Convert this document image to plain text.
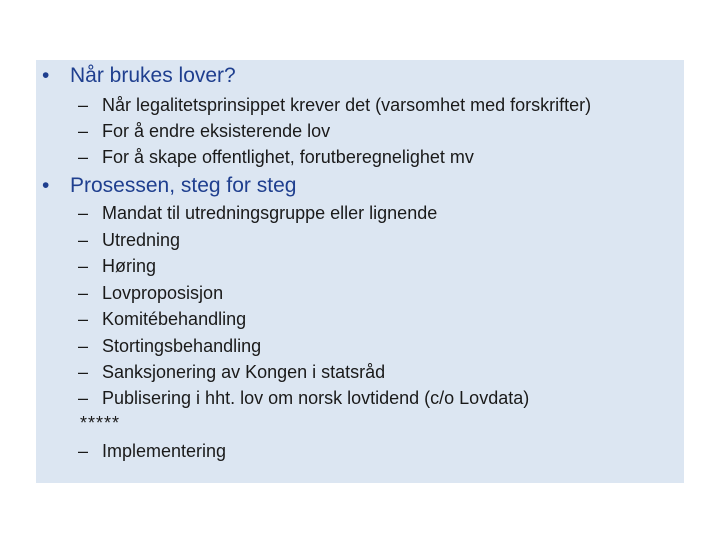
• Når brukes lover?
– Når legalitetsprinsippet krever det (varsomhet med forskrifter)
– For å endre eksisterende lov
– For å skape offentlighet, forutberegnelighet mv
• Prosessen, steg for steg
– Mandat til utredningsgruppe eller lignende
– Utredning
– Høring
– Lovproposisjon
– Komitébehandling
– Stortingsbehandling
– Sanksjonering av Kongen i statsråd
– Publisering i hht. lov om norsk lovtidend (c/o Lovdata)
*****
– Implementering
